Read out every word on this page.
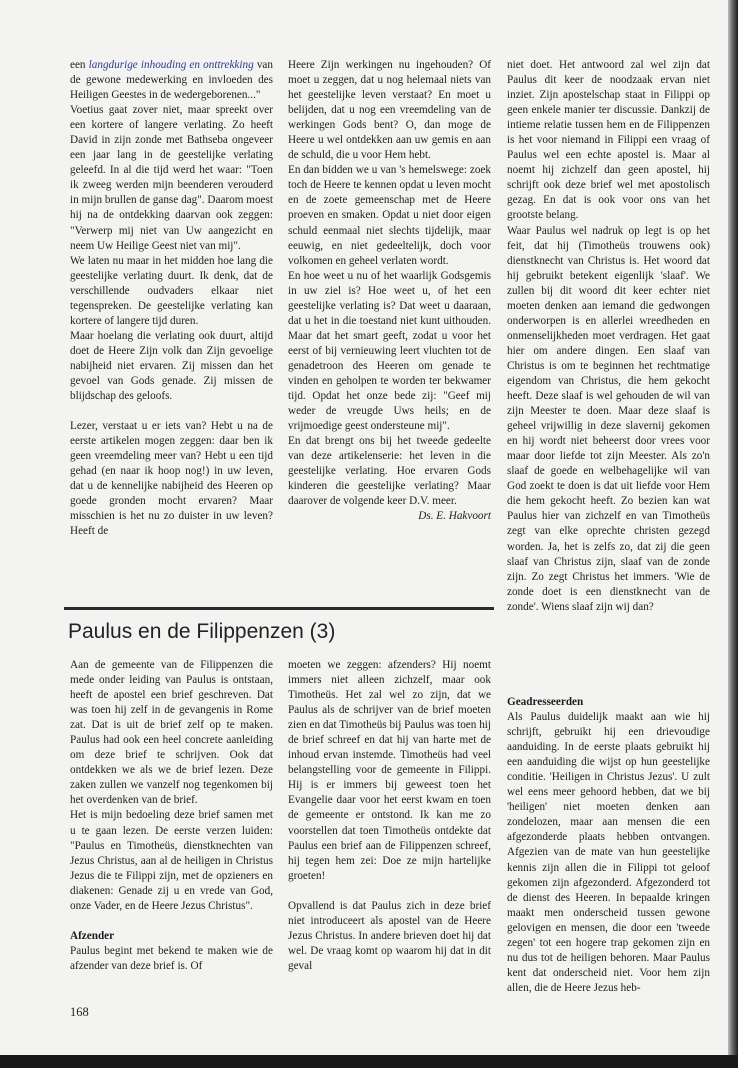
een langdurige inhouding en onttrekking van de gewone medewerking en invloeden des Heiligen Geestes in de wedergeborenen..."

Voetius gaat zover niet, maar spreekt over een kortere of langere verlating. Zo heeft David in zijn zonde met Bathseba ongeveer een jaar lang in de geestelijke verlating geleefd. In al die tijd werd het waar: "Toen ik zweeg werden mijn beenderen verouderd in mijn brullen de ganse dag". Daarom moest hij na de ontdekking daarvan ook zeggen: "Verwerp mij niet van Uw aangezicht en neem Uw Heilige Geest niet van mij".

We laten nu maar in het midden hoe lang die geestelijke verlating duurt. Ik denk, dat de verschillende oudvaders elkaar niet tegenspreken. De geestelijke verlating kan kortere of langere tijd duren.

Maar hoelang die verlating ook duurt, altijd doet de Heere Zijn volk dan Zijn gevoelige nabijheid niet ervaren. Zij missen dan het gevoel van Gods genade. Zij missen de blijdschap des geloofs.

Lezer, verstaat u er iets van? Hebt u na de eerste artikelen mogen zeggen: daar ben ik geen vreemdeling meer van? Hebt u een tijd gehad (en naar ik hoop nog!) in uw leven, dat u de kennelijke nabijheid des Heeren op goede gronden mocht ervaren? Maar misschien is het nu zo duister in uw leven? Heeft de

Heere Zijn werkingen nu ingehouden? Of moet u zeggen, dat u nog helemaal niets van het geestelijke leven verstaat? En moet u belijden, dat u nog een vreemdeling van de werkingen Gods bent? O, dan moge de Heere u wel ontdekken aan uw gemis en aan de schuld, die u voor Hem hebt.

En dan bidden we u van 's hemelswege: zoek toch de Heere te kennen opdat u leven mocht en de zoete gemeenschap met de Heere proeven en smaken. Opdat u niet door eigen schuld eenmaal niet slechts tijdelijk, maar eeuwig, en niet gedeeltelijk, doch voor volkomen en geheel verlaten wordt.

En hoe weet u nu of het waarlijk Godsgemis in uw ziel is? Hoe weet u, of het een geestelijke verlating is? Dat weet u daaraan, dat u het in die toestand niet kunt uithouden. Maar dat het smart geeft, zodat u voor het eerst of bij vernieuwing leert vluchten tot de genadetroon des Heeren om genade te vinden en geholpen te worden ter bekwamer tijd. Opdat het onze bede zij: "Geef mij weder de vreugde Uws heils; en de vrijmoedige geest ondersteune mij".

En dat brengt ons bij het tweede gedeelte van deze artikelenserie: het leven in die geestelijke verlating. Hoe ervaren Gods kinderen die geestelijke verlating? Maar daarover de volgende keer D.V. meer.

Ds. E. Hakvoort

niet doet. Het antwoord zal wel zijn dat Paulus dit keer de noodzaak ervan niet inziet. Zijn apostelschap staat in Filippi op geen enkele manier ter discussie. Dankzij de intieme relatie tussen hem en de Filippenzen is het voor niemand in Filippi een vraag of Paulus wel een echte apostel is. Maar al noemt hij zichzelf dan geen apostel, hij schrijft ook deze brief wel met apostolisch gezag. En dat is ook voor ons van het grootste belang.

Waar Paulus wel nadruk op legt is op het feit, dat hij (Timotheüs trouwens ook) dienstknecht van Christus is. Het woord dat hij gebruikt betekent eigenlijk 'slaaf'. We zullen bij dit woord dit keer echter niet moeten denken aan iemand die gedwongen onderworpen is en allerlei wreedheden en onmenselijkheden moet verdragen. Het gaat hier om andere dingen. Een slaaf van Christus is om te beginnen het rechtmatige eigendom van Christus, die hem gekocht heeft. Deze slaaf is wel gehouden de wil van zijn Meester te doen. Maar deze slaaf is geheel vrijwillig in deze slavernij gekomen en hij wordt niet beheerst door vrees voor maar door liefde tot zijn Meester. Als zo'n slaaf de goede en welbehagelijke wil van God zoekt te doen is dat uit liefde voor Hem die hem gekocht heeft. Zo bezien kan wat Paulus hier van zichzelf en van Timotheüs zegt van elke oprechte christen gezegd worden. Ja, het is zelfs zo, dat zij die geen slaaf van Christus zijn, slaaf van de zonde zijn. Zo zegt Christus het immers. 'Wie de zonde doet is een dienstknecht van de zonde'. Wiens slaaf zijn wij dan?

Paulus en de Filippenzen (3)

Aan de gemeente van de Filippenzen die mede onder leiding van Paulus is ontstaan, heeft de apostel een brief geschreven. Dat was toen hij zelf in de gevangenis in Rome zat. Dat is uit de brief zelf op te maken. Paulus had ook een heel concrete aanleiding om deze brief te schrijven. Ook dat ontdekken we als we de brief lezen. Deze zaken zullen we vanzelf nog tegenkomen bij het overdenken van de brief.

Het is mijn bedoeling deze brief samen met u te gaan lezen. De eerste verzen luiden: "Paulus en Timotheüs, dienstknechten van Jezus Christus, aan al de heiligen in Christus Jezus die te Filippi zijn, met de opzieners en diakenen: Genade zij u en vrede van God, onze Vader, en de Heere Jezus Christus".

Afzender

Paulus begint met bekend te maken wie de afzender van deze brief is. Of

moeten we zeggen: afzenders? Hij noemt immers niet alleen zichzelf, maar ook Timotheüs. Het zal wel zo zijn, dat we Paulus als de schrijver van de brief moeten zien en dat Timotheüs bij Paulus was toen hij de brief schreef en dat hij van harte met de inhoud ervan instemde. Timotheüs had veel belangstelling voor de gemeente in Filippi. Hij is er immers bij geweest toen het Evangelie daar voor het eerst kwam en toen de gemeente er ontstond. Ik kan me zo voorstellen dat toen Timotheüs ontdekte dat Paulus een brief aan de Filippenzen schreef, hij tegen hem zei: Doe ze mijn hartelijke groeten!

Opvallend is dat Paulus zich in deze brief niet introduceert als apostel van de Heere Jezus Christus. In andere brieven doet hij dat wel. De vraag komt op waarom hij dat in dit geval

Geadresseerden

Als Paulus duidelijk maakt aan wie hij schrijft, gebruikt hij een drievoudige aanduiding. In de eerste plaats gebruikt hij een aanduiding die wijst op hun geestelijke conditie. 'Heiligen in Christus Jezus'. U zult wel eens meer gehoord hebben, dat we bij 'heiligen' niet moeten denken aan zondelozen, maar aan mensen die een afgezonderde plaats hebben ontvangen. Afgezien van de mate van hun geestelijke kennis zijn allen die in Filippi tot geloof gekomen zijn afgezonderd. Afgezonderd tot de dienst des Heeren. In bepaalde kringen maakt men onderscheid tussen gewone gelovigen en mensen, die door een 'tweede zegen' tot een hogere trap gekomen zijn en nu dus tot de heiligen behoren. Maar Paulus kent dat onderscheid niet. Voor hem zijn allen, die de Heere Jezus heb-

168
